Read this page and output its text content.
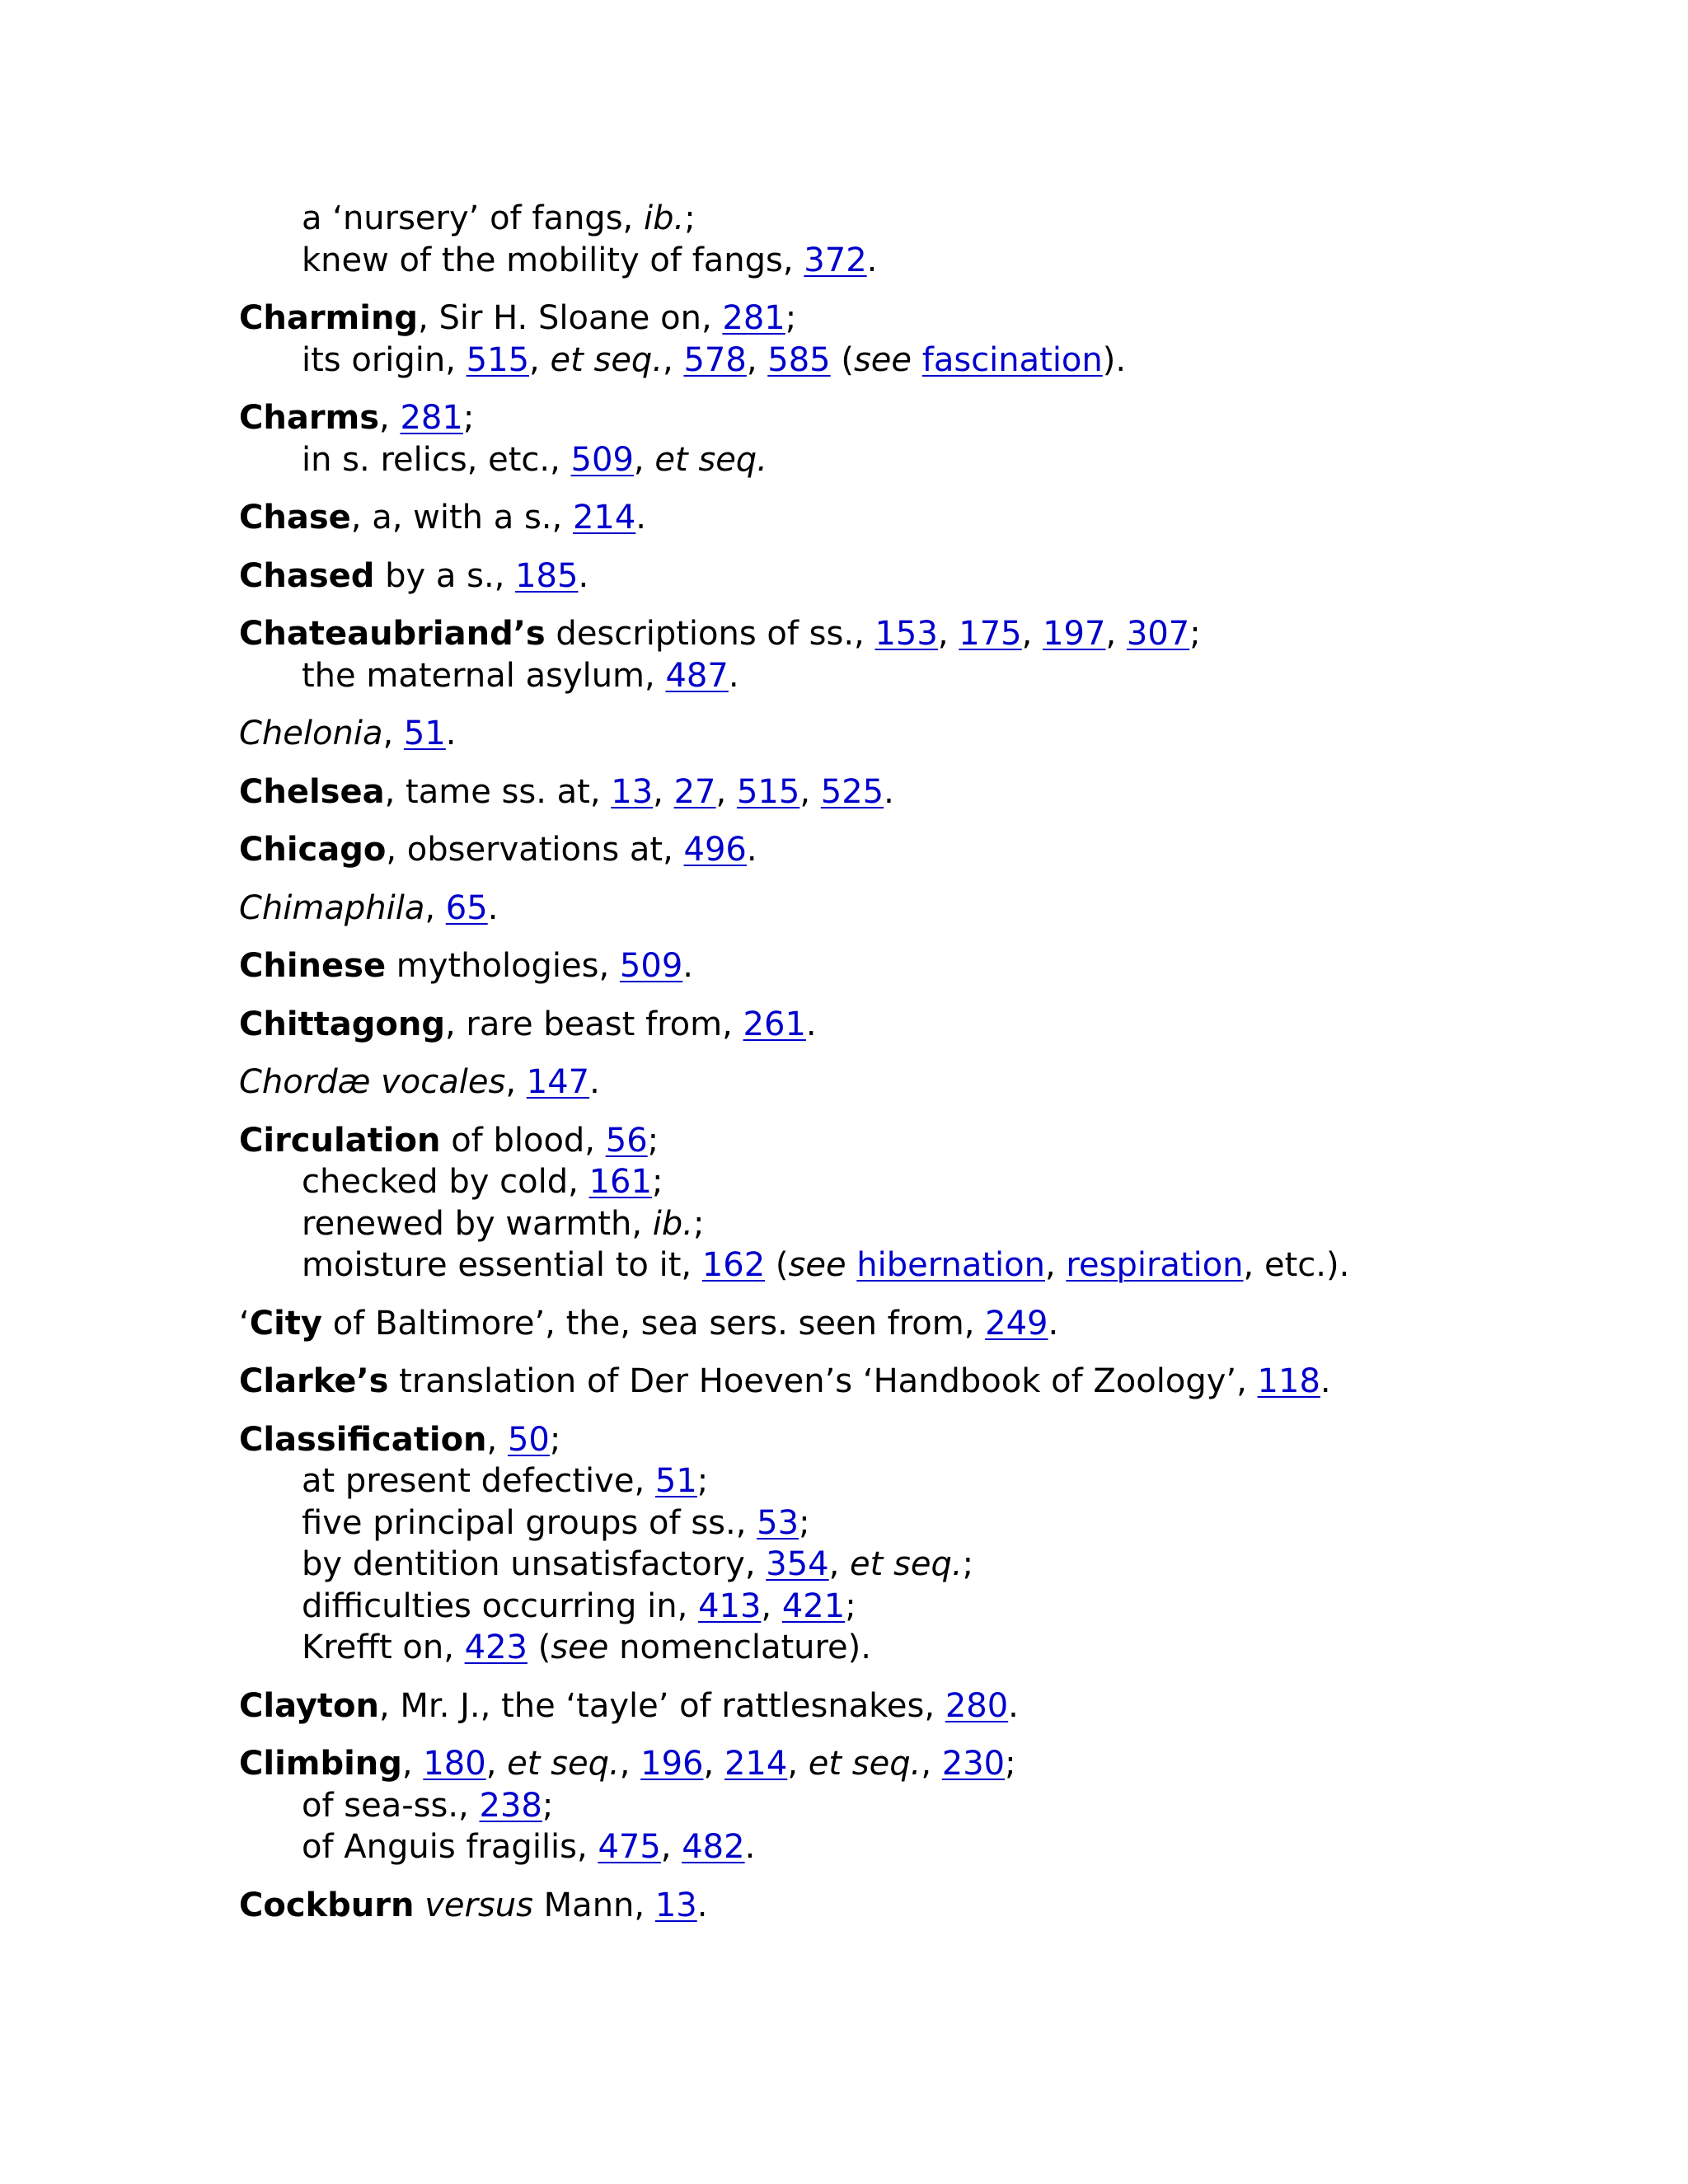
a ‘nursery’ of fangs, ib.;
knew of the mobility of fangs, 372.
Charming, Sir H. Sloane on, 281;
its origin, 515, et seq., 578, 585 (see fascination).
Charms, 281;
in s. relics, etc., 509, et seq.
Chase, a, with a s., 214.
Chased by a s., 185.
Chateaubriand’s descriptions of ss., 153, 175, 197, 307;
the maternal asylum, 487.
Chelonia, 51.
Chelsea, tame ss. at, 13, 27, 515, 525.
Chicago, observations at, 496.
Chimaphila, 65.
Chinese mythologies, 509.
Chittagong, rare beast from, 261.
Chordæ vocales, 147.
Circulation of blood, 56;
checked by cold, 161;
renewed by warmth, ib.;
moisture essential to it, 162 (see hibernation, respiration, etc.).
‘City of Baltimore’, the, sea sers. seen from, 249.
Clarke’s translation of Der Hoeven’s ‘Handbook of Zoology’, 118.
Classification, 50;
at present defective, 51;
five principal groups of ss., 53;
by dentition unsatisfactory, 354, et seq.;
difficulties occurring in, 413, 421;
Krefft on, 423 (see nomenclature).
Clayton, Mr. J., the ‘tayle’ of rattlesnakes, 280.
Climbing, 180, et seq., 196, 214, et seq., 230;
of sea-ss., 238;
of Anguis fragilis, 475, 482.
Cockburn versus Mann, 13.
